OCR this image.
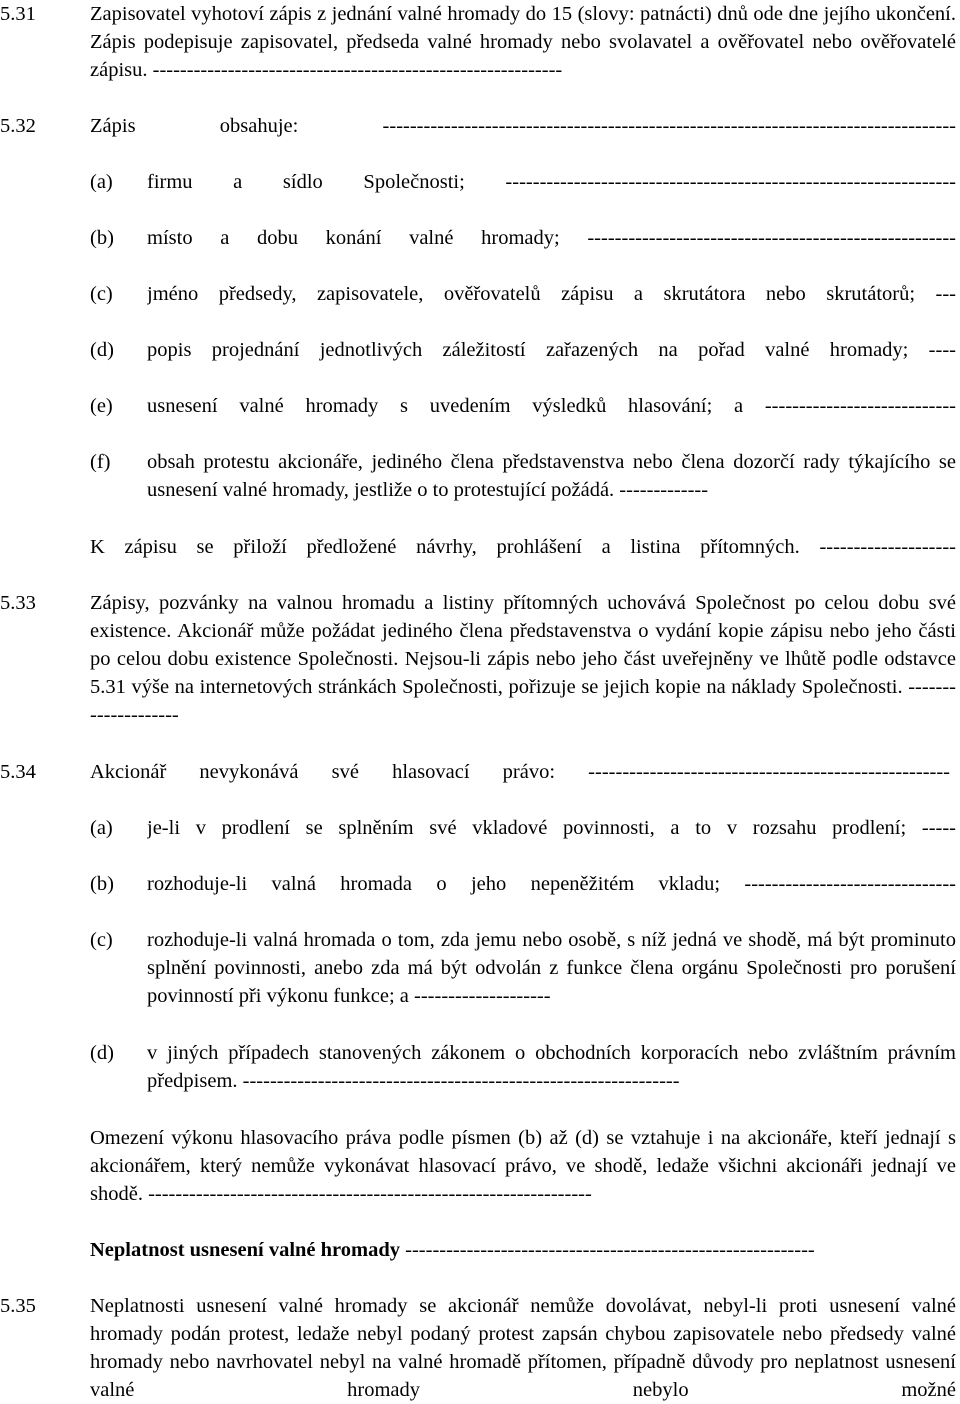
5.31	Zapisovatel vyhotoví zápis z jednání valné hromady do 15 (slovy: patnácti) dnů ode dne jejího ukončení. Zápis podepisuje zapisovatel, předseda valné hromady nebo svolavatel a ověřovatel nebo ověřovatelé zápisu. ------------------------------------------------------------

5.32	Zápis obsahuje: ------------------------------------------------------------------------------------

(a) firmu a sídlo Společnosti; ------------------------------------------------------------------
(b) místo a dobu konání valné hromady; ------------------------------------------------------
(c) jméno předsedy, zapisovatele, ověřovatelů zápisu a skrutátora nebo skrutátorů; ---
(d) popis projednání jednotlivých záležitostí zařazených na pořad valné hromady; ----
(e) usnesení valné hromady s uvedením výsledků hlasování; a ----------------------------
(f) obsah protestu akcionáře, jediného člena představenstva nebo člena dozorčí rady týkajícího se usnesení valné hromady, jestliže o to protestující požádá. -------------

K zápisu se přiloží předložené návrhy, prohlášení a listina přítomných. --------------------

5.33	Zápisy, pozvánky na valnou hromadu a listiny přítomných uchovává Společnost po celou dobu své existence. Akcionář může požádat jediného člena představenstva o vydání kopie zápisu nebo jeho části po celou dobu existence Společnosti. Nejsou-li zápis nebo jeho část uveřejněny ve lhůtě podle odstavce 5.31 výše na internetových stránkách Společnosti, pořizuje se jejich kopie na náklady Společnosti. --------------------

5.34	Akcionář nevykonává své hlasovací právo: -----------------------------------------------------

(a) je-li v prodlení se splněním své vkladové povinnosti, a to v rozsahu prodlení; -----
(b) rozhoduje-li valná hromada o jeho nepeněžitém vkladu; -------------------------------
(c) rozhoduje-li valná hromada o tom, zda jemu nebo osobě, s níž jedná ve shodě, má být prominuto splnění povinnosti, anebo zda má být odvolán z funkce člena orgánu Společnosti pro porušení povinností při výkonu funkce; a --------------------
(d) v jiných případech stanovených zákonem o obchodních korporacích nebo zvláštním právním předpisem. ----------------------------------------------------------------

Omezení výkonu hlasovacího práva podle písmen (b) až (d) se vztahuje i na akcionáře, kteří jednají s akcionářem, který nemůže vykonávat hlasovací právo, ve shodě, ledaže všichni akcionáři jednají ve shodě. -----------------------------------------------------------------

Neplatnost usnesení valné hromady ------------------------------------------------------------

5.35	Neplatnosti usnesení valné hromady se akcionář nemůže dovolávat, nebyl-li proti usnesení valné hromady podán protest, ledaže nebyl podaný protest zapsán chybou zapisovatele nebo předsedy valné hromady nebo navrhovatel nebyl na valné hromadě přítomen, případně důvody pro neplatnost usnesení valné hromady nebylo možné
